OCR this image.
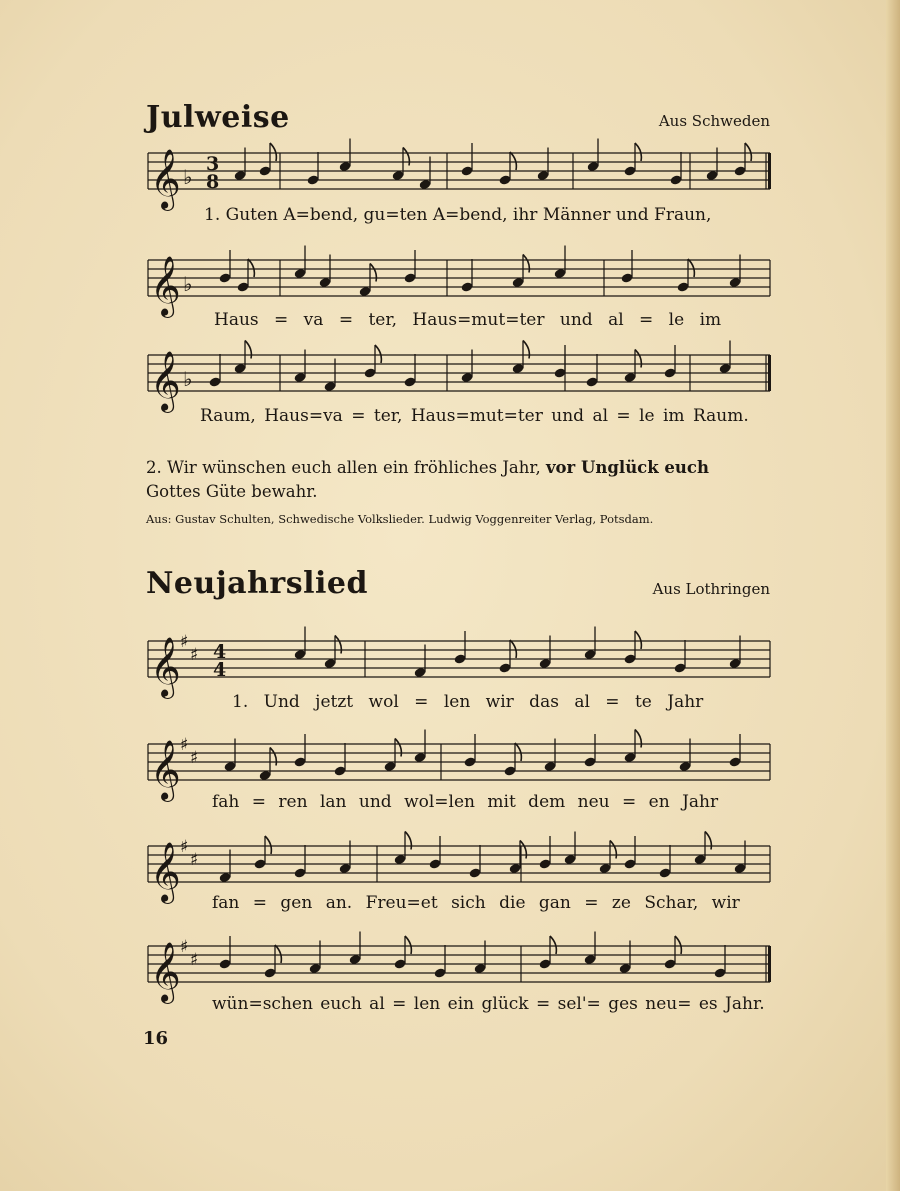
Julweise	Aus Schweden
𝄞 ♭
3
8
𝄞 ♭
𝄞 ♭
𝄞 ♯
♯ 4
4
𝄞 ♯
♯
𝄞 ♯
♯
𝄞 ♯
♯
1. Guten A=bend, gu=ten A=bend, ihr Männer und Fraun,
Haus = va = ter, Haus=mut=ter und al = le im
Raum, Haus=va = ter, Haus=mut=ter und al = le im Raum.
2. Wir wünschen euch allen ein fröhliches Jahr, vor Unglück euch
Gottes Güte bewahr.
Aus: Gustav Schulten, Schwedische Volkslieder. Ludwig Voggenreiter Verlag, Potsdam.
Neujahrslied	Aus Lothringen
1. Und jetzt wol = len wir das al = te Jahr
fah = ren lan und wol=len mit dem neu = en Jahr
fan = gen an. Freu=et sich die gan = ze Schar, wir
wün=schen euch al = len ein glück = sel'= ges neu= es Jahr.
16
